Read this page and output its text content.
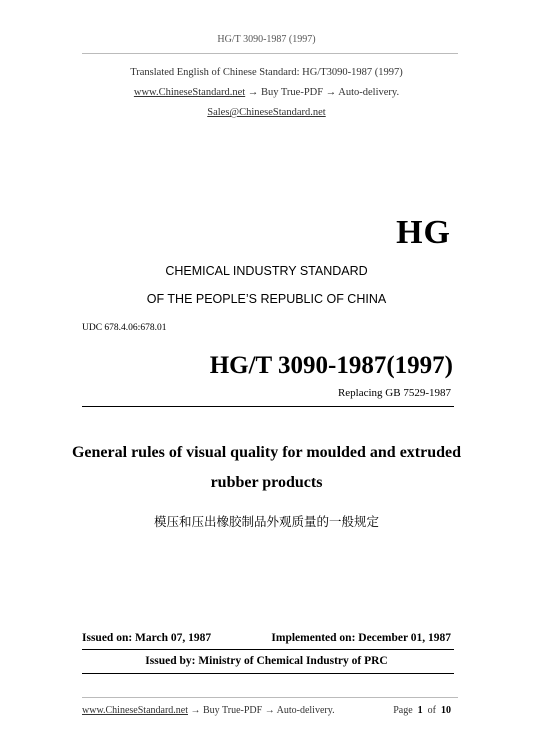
HG/T 3090-1987 (1997)
Translated English of Chinese Standard: HG/T3090-1987 (1997)
www.ChineseStandard.net → Buy True-PDF → Auto-delivery.
Sales@ChineseStandard.net
HG
CHEMICAL INDUSTRY STANDARD
OF THE PEOPLE’S REPUBLIC OF CHINA
UDC 678.4.06:678.01
HG/T 3090-1987(1997)
Replacing GB 7529-1987
General rules of visual quality for moulded and extruded
rubber products
模压和压出橡胶制品外观质量的一般规定
Issued on: March 07, 1987	Implemented on: December 01, 1987
Issued by: Ministry of Chemical Industry of PRC
www.ChineseStandard.net → Buy True-PDF → Auto-delivery.	Page 1 of 10
